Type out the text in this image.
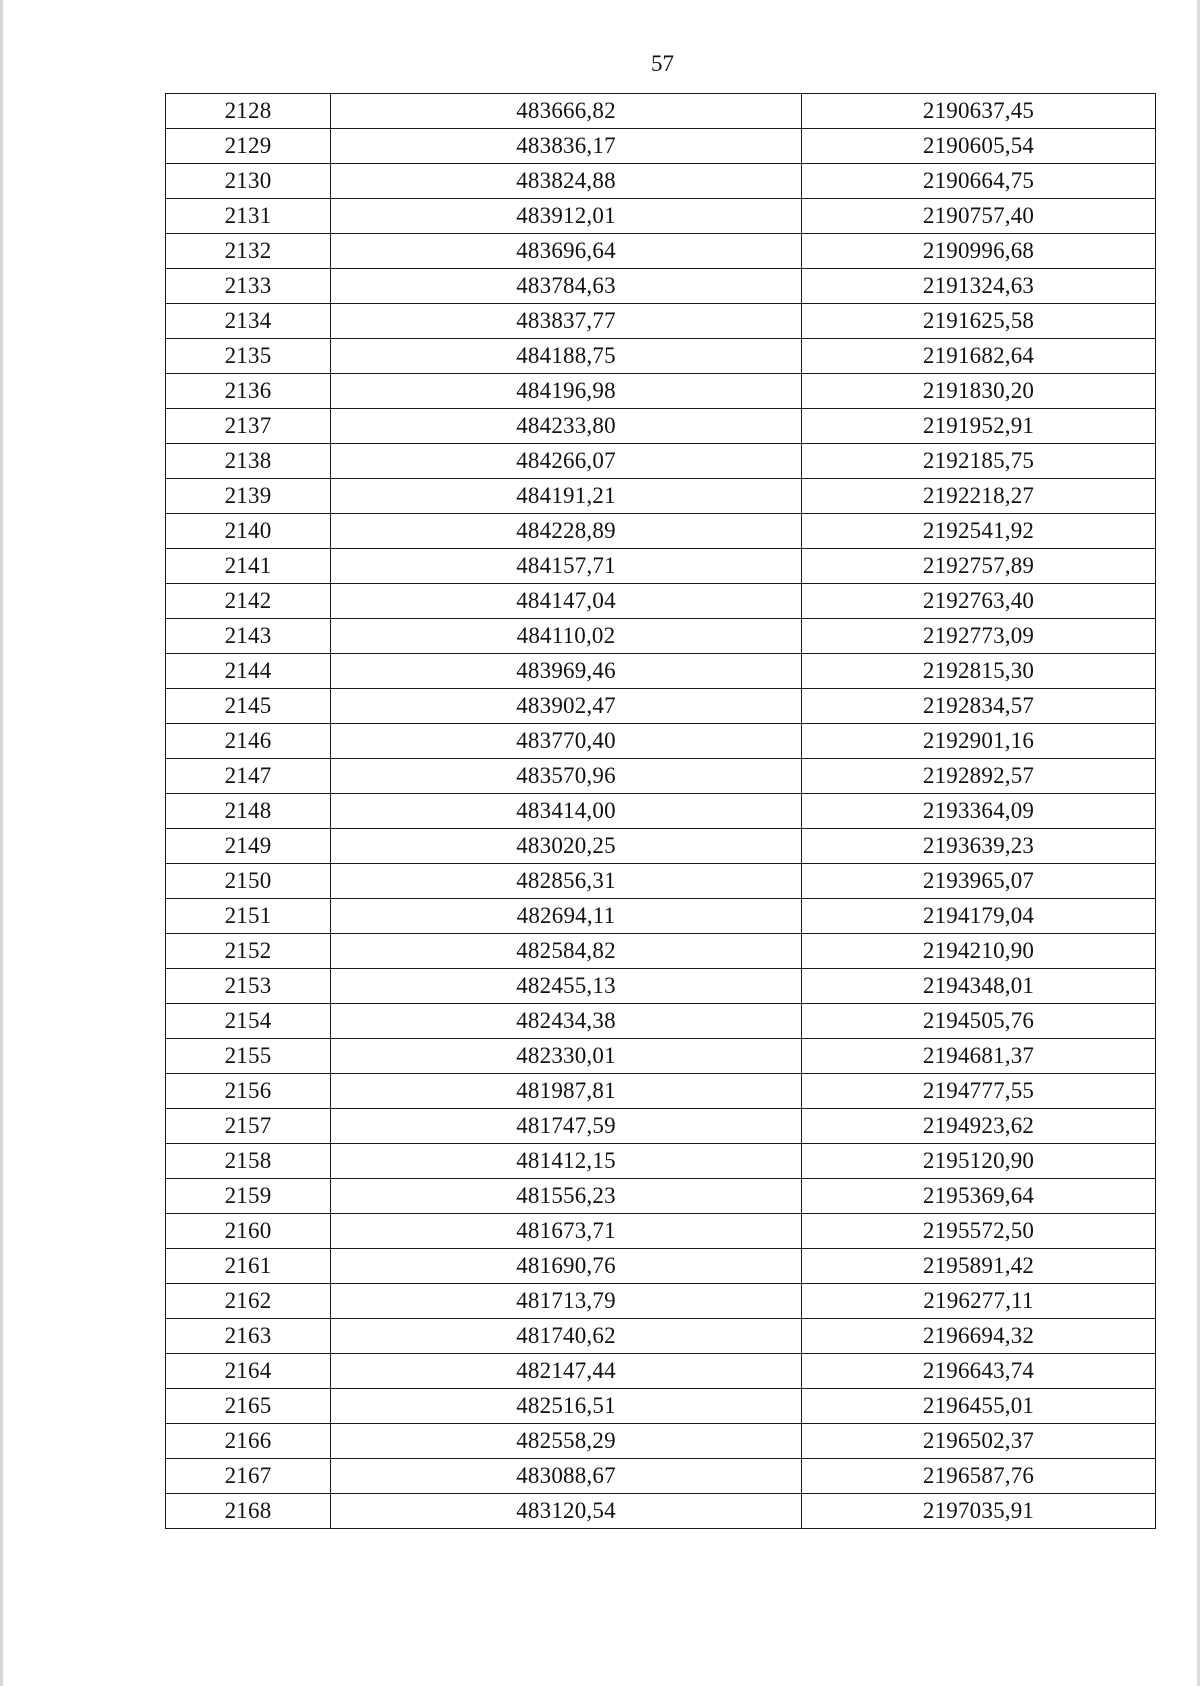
57
2128	483666,82	2190637,45
2129	483836,17	2190605,54
2130	483824,88	2190664,75
2131	483912,01	2190757,40
2132	483696,64	2190996,68
2133	483784,63	2191324,63
2134	483837,77	2191625,58
2135	484188,75	2191682,64
2136	484196,98	2191830,20
2137	484233,80	2191952,91
2138	484266,07	2192185,75
2139	484191,21	2192218,27
2140	484228,89	2192541,92
2141	484157,71	2192757,89
2142	484147,04	2192763,40
2143	484110,02	2192773,09
2144	483969,46	2192815,30
2145	483902,47	2192834,57
2146	483770,40	2192901,16
2147	483570,96	2192892,57
2148	483414,00	2193364,09
2149	483020,25	2193639,23
2150	482856,31	2193965,07
2151	482694,11	2194179,04
2152	482584,82	2194210,90
2153	482455,13	2194348,01
2154	482434,38	2194505,76
2155	482330,01	2194681,37
2156	481987,81	2194777,55
2157	481747,59	2194923,62
2158	481412,15	2195120,90
2159	481556,23	2195369,64
2160	481673,71	2195572,50
2161	481690,76	2195891,42
2162	481713,79	2196277,11
2163	481740,62	2196694,32
2164	482147,44	2196643,74
2165	482516,51	2196455,01
2166	482558,29	2196502,37
2167	483088,67	2196587,76
2168	483120,54	2197035,91
